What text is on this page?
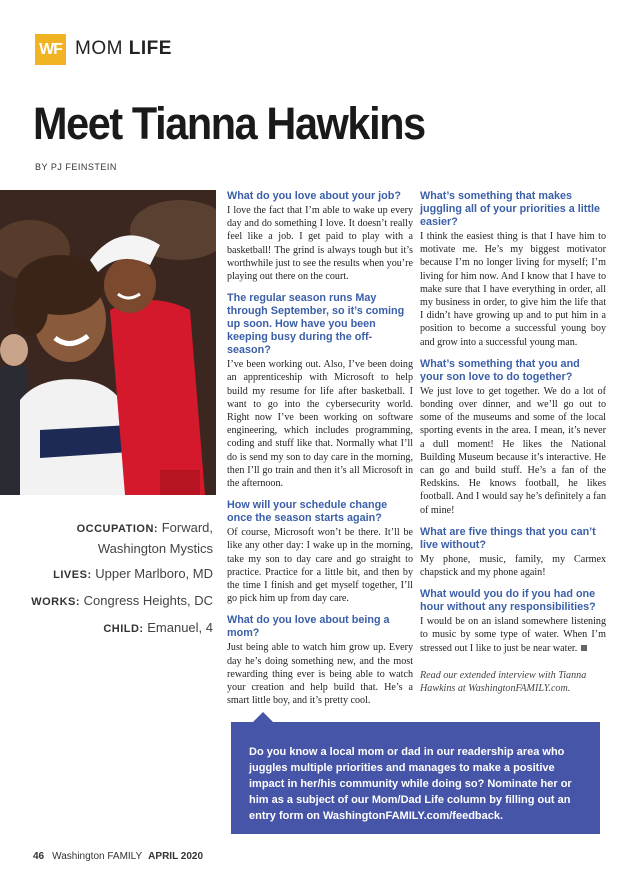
WF MOM LIFE
Meet Tianna Hawkins
BY PJ FEINSTEIN
OCCUPATION: Forward, Washington Mystics
LIVES: Upper Marlboro, MD
WORKS: Congress Heights, DC
CHILD: Emanuel, 4
What do you love about your job?
I love the fact that I’m able to wake up every day and do something I love. It doesn’t really feel like a job. I get paid to play with a basketball! The grind is always tough but it’s worthwhile just to see the results when you’re playing out there on the court.
The regular season runs May through September, so it’s coming up soon. How have you been keeping busy during the off-season?
I’ve been working out. Also, I’ve been doing an apprenticeship with Microsoft to help build my resume for life after basketball. I want to go into the cybersecurity world. Right now I’ve been working on software engineering, which includes programming, coding and stuff like that. Normally what I’ll do is send my son to day care in the morning, then I’ll go train and then it’s all Microsoft in the afternoon.
How will your schedule change once the season starts again?
Of course, Microsoft won’t be there. It’ll be like any other day: I wake up in the morning, take my son to day care and go straight to practice. Practice for a little bit, and then by the time I finish and get myself together, I’ll go pick him up from day care.
What do you love about being a mom?
Just being able to watch him grow up. Every day he’s doing something new, and the most rewarding thing ever is being able to watch your creation and help build that. He’s a smart little boy, and it’s pretty cool.
What’s something that makes juggling all of your priorities a little easier?
I think the easiest thing is that I have him to motivate me. He’s my biggest motivator because I’m no longer living for myself; I’m living for him now. And I know that I have to make sure that I have everything in order, all my business in order, to give him the life that I didn’t have growing up and to put him in a position to become a successful young boy and grow into a successful young man.
What’s something that you and your son love to do together?
We just love to get together. We do a lot of bonding over dinner, and we’ll go out to some of the museums and some of the local sporting events in the area. I mean, it’s never a dull moment! He likes the National Building Museum because it’s interactive. He can go and build stuff. He’s a fan of the Redskins. He knows football, he likes football. And I would say he’s definitely a fan of mine!
What are five things that you can’t live without?
My phone, music, family, my Carmex chapstick and my phone again!
What would you do if you had one hour without any responsibilities?
I would be on an island somewhere listening to music by some type of water. When I’m stressed out I like to just be near water.
Read our extended interview with Tianna Hawkins at WashingtonFAMILY.com.
Do you know a local mom or dad in our readership area who juggles multiple priorities and manages to make a positive impact in her/his community while doing so? Nominate her or him as a subject of our Mom/Dad Life column by filling out an entry form on WashingtonFAMILY.com/feedback.
46 Washington FAMILY APRIL 2020
